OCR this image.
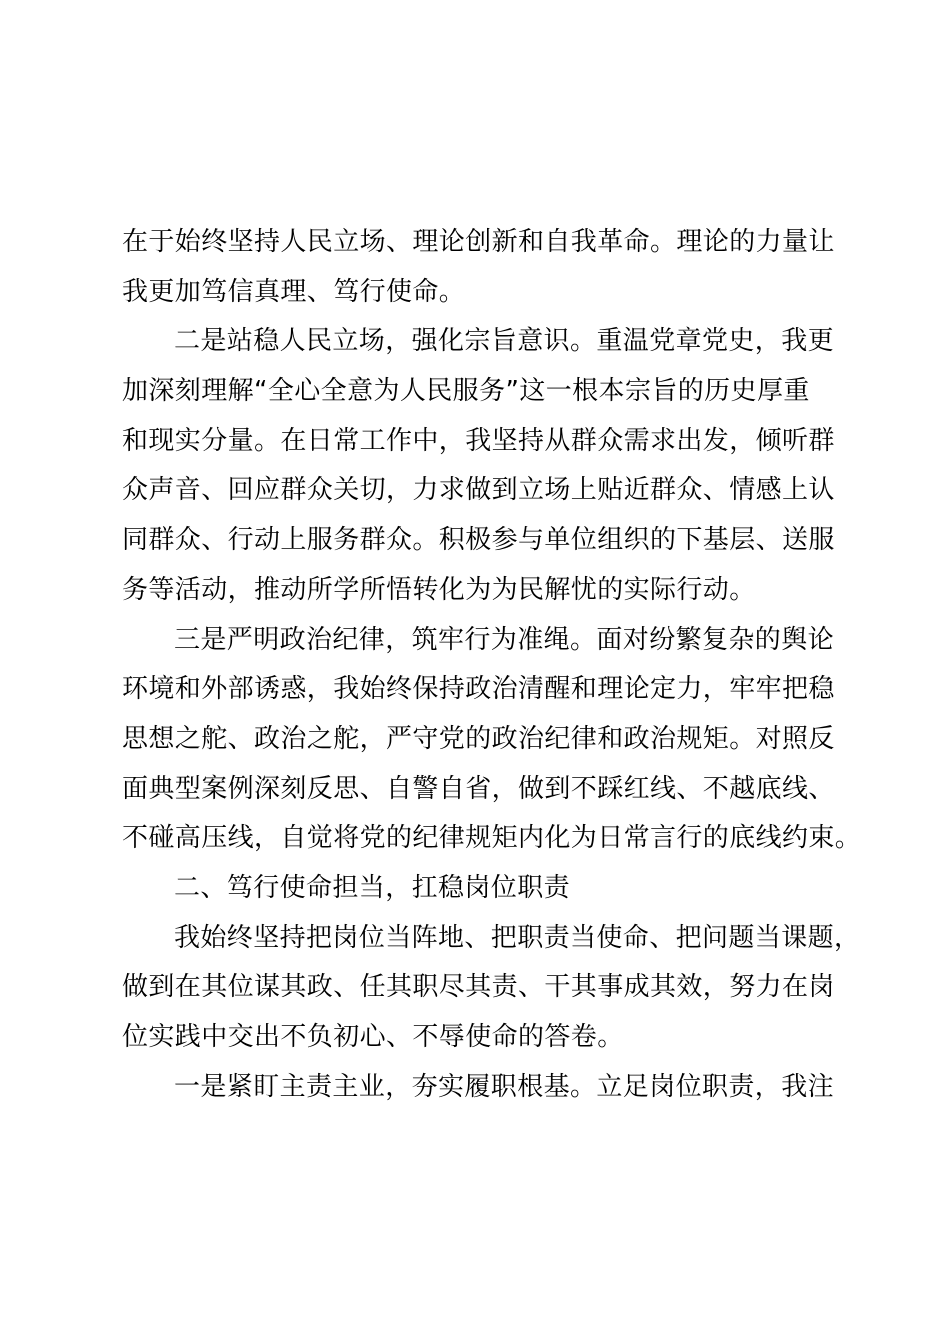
在于始终坚持人民立场、理论创新和自我革命。理论的力量让
我更加笃信真理、笃行使命。
二是站稳人民立场，强化宗旨意识。重温党章党史，我更
加深刻理解“全心全意为人民服务”这一根本宗旨的历史厚重
和现实分量。在日常工作中，我坚持从群众需求出发，倾听群
众声音、回应群众关切，力求做到立场上贴近群众、情感上认
同群众、行动上服务群众。积极参与单位组织的下基层、送服
务等活动，推动所学所悟转化为为民解忧的实际行动。
三是严明政治纪律，筑牢行为准绳。面对纷繁复杂的舆论
环境和外部诱惑，我始终保持政治清醒和理论定力，牢牢把稳
思想之舵、政治之舵，严守党的政治纪律和政治规矩。对照反
面典型案例深刻反思、自警自省，做到不踩红线、不越底线、
不碰高压线，自觉将党的纪律规矩内化为日常言行的底线约束。
二、笃行使命担当，扛稳岗位职责
我始终坚持把岗位当阵地、把职责当使命、把问题当课题，
做到在其位谋其政、任其职尽其责、干其事成其效，努力在岗
位实践中交出不负初心、不辱使命的答卷。
一是紧盯主责主业，夯实履职根基。立足岗位职责，我注
